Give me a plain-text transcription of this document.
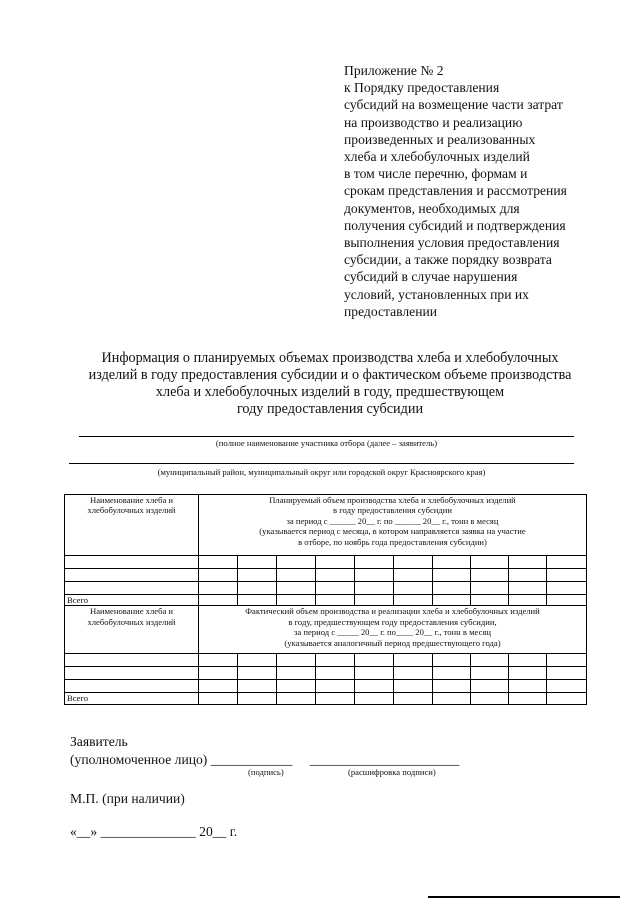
Приложение № 2
к Порядку предоставления
субсидий на возмещение части затрат
на производство и реализацию
произведенных и реализованных
хлеба и хлебобулочных изделий
в том числе перечню, формам и
срокам представления и рассмотрения
документов, необходимых для
получения субсидий и подтверждения
выполнения условия предоставления
субсидии, а также порядку возврата
субсидий в случае нарушения
условий, установленных при их
предоставлении
Информация о планируемых объемах производства хлеба и хлебобулочных
изделий в году предоставления субсидии и о фактическом объеме производства
хлеба и хлебобулочных изделий в году, предшествующем
году предоставления субсидии
(полное наименование участника отбора (далее – заявитель)
(муниципальный район, муниципальный округ или городской округ Красноярского края)
Наименование хлеба и хлебобулочных изделий	Планируемый объем производства хлеба и хлебобулочных изделий
в году предоставления субсидии
за период с ______ 20__ г. по ______ 20__ г., тонн в месяц
(указывается период с месяца, в котором направляется заявка на участие
в отборе, по ноябрь года предоставления субсидии)									

Всего										
Наименование хлеба и хлебобулочных изделий	Фактический объем производства и реализации хлеба и хлебобулочных изделий
в году, предшествующем году предоставления субсидии,
за период с _____ 20__ г. по____ 20__ г., тонн в месяц
(указывается аналогичный период предшествующего года)									

Всего										
Заявитель
(уполномоченное лицо) ____________ ______________________
(подпись)	(расшифровка подписи)
М.П. (при наличии)
«__» ______________ 20__ г.
